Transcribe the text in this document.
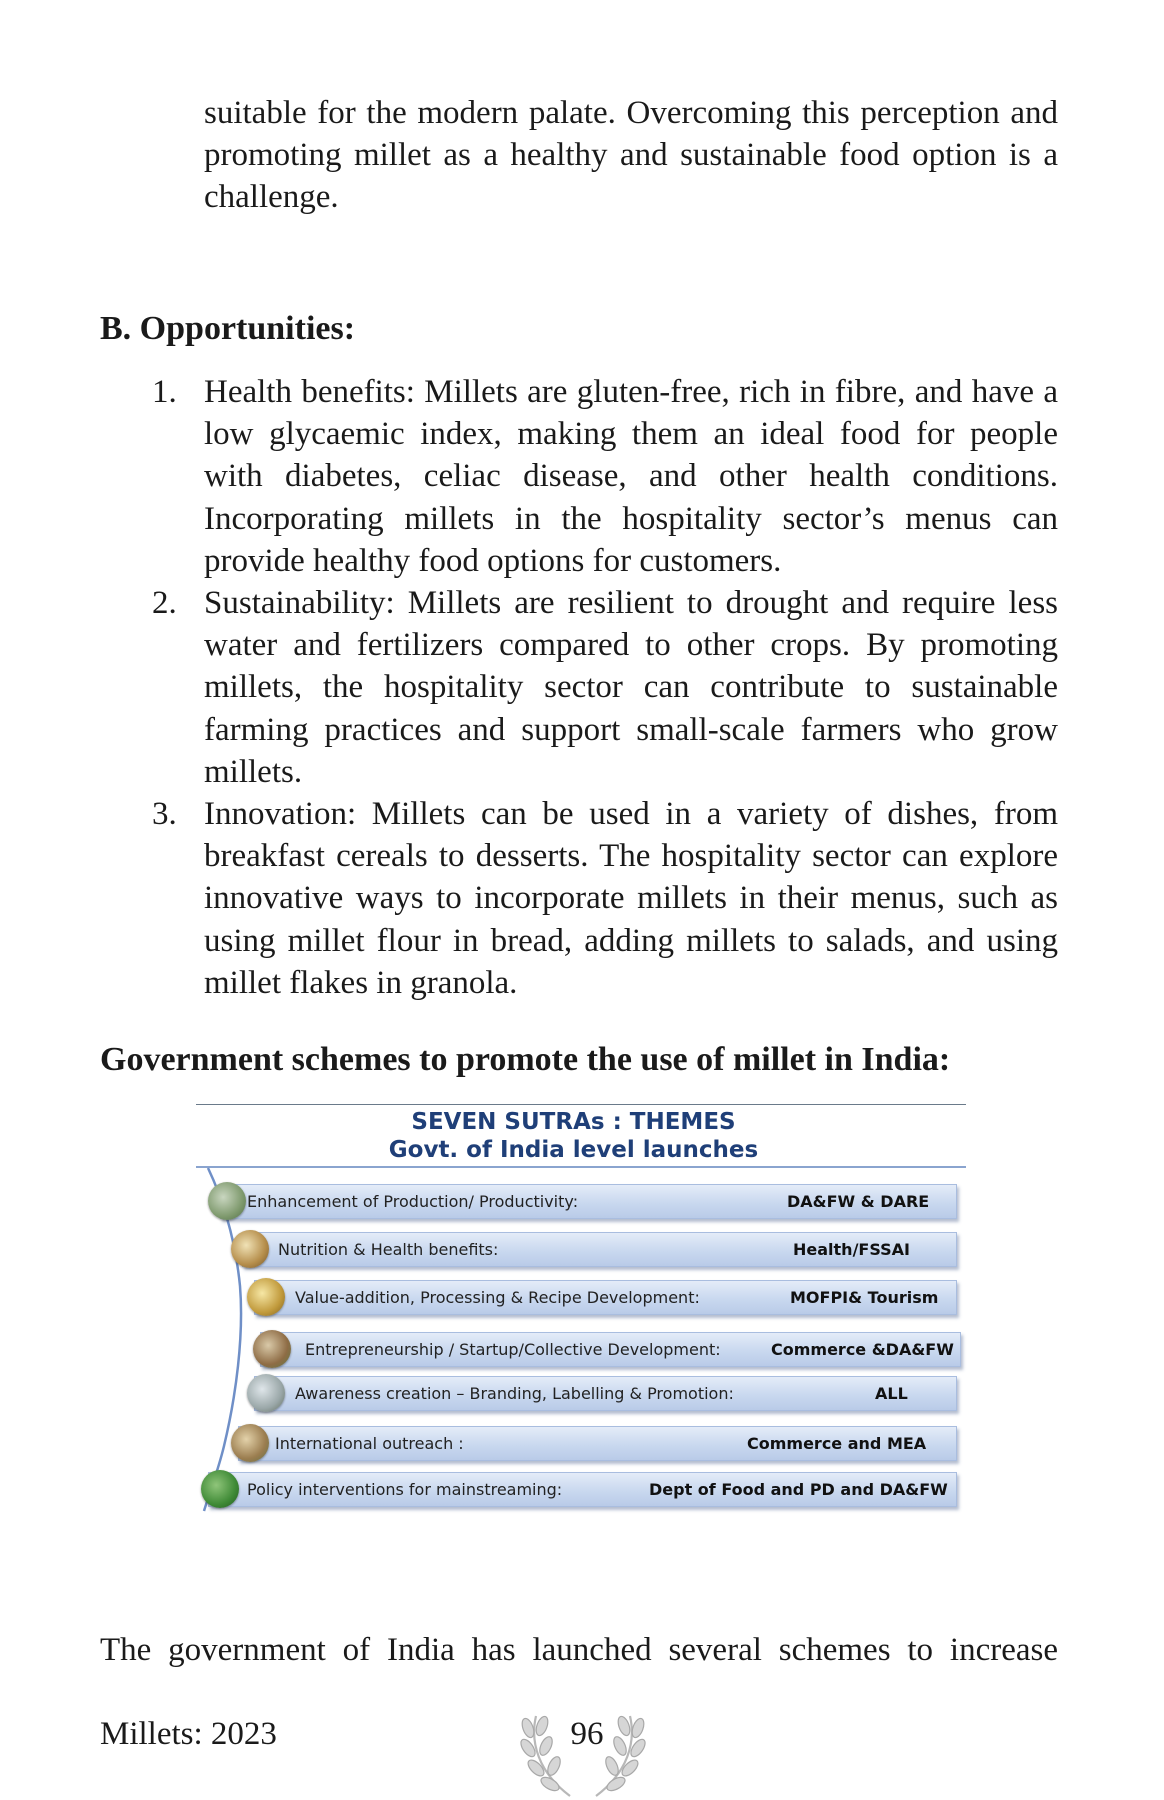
suitable for the modern palate. Overcoming this perception and promoting millet as a healthy and sustainable food option is a challenge.

B. Opportunities:
1. Health benefits: Millets are gluten-free, rich in fibre, and have a low glycaemic index, making them an ideal food for people with diabetes, celiac disease, and other health conditions. Incorporating millets in the hospitality sector’s menus can provide healthy food options for customers.
2. Sustainability: Millets are resilient to drought and require less water and fertilizers compared to other crops. By promoting millets, the hospitality sector can contribute to sustainable farming practices and support small-scale farmers who grow millets.
3. Innovation: Millets can be used in a variety of dishes, from breakfast cereals to desserts. The hospitality sector can explore innovative ways to incorporate millets in their menus, such as using millet flour in bread, adding millets to salads, and using millet flakes in granola.
Government schemes to promote the use of millet in India:
SEVEN SUTRAs : THEMES
Govt. of India level launches
Enhancement of Production/ Productivity:	DA&FW & DARE
Nutrition & Health benefits:	Health/FSSAI
Value-addition, Processing & Recipe Development:	MOFPI& Tourism
Entrepreneurship / Startup/Collective Development:	Commerce &DA&FW
Awareness creation – Branding, Labelling & Promotion:	ALL
International outreach :	Commerce and MEA
Policy interventions for mainstreaming:	Dept of Food and PD and DA&FW

The government of India has launched several schemes to increase

Millets: 2023	96
